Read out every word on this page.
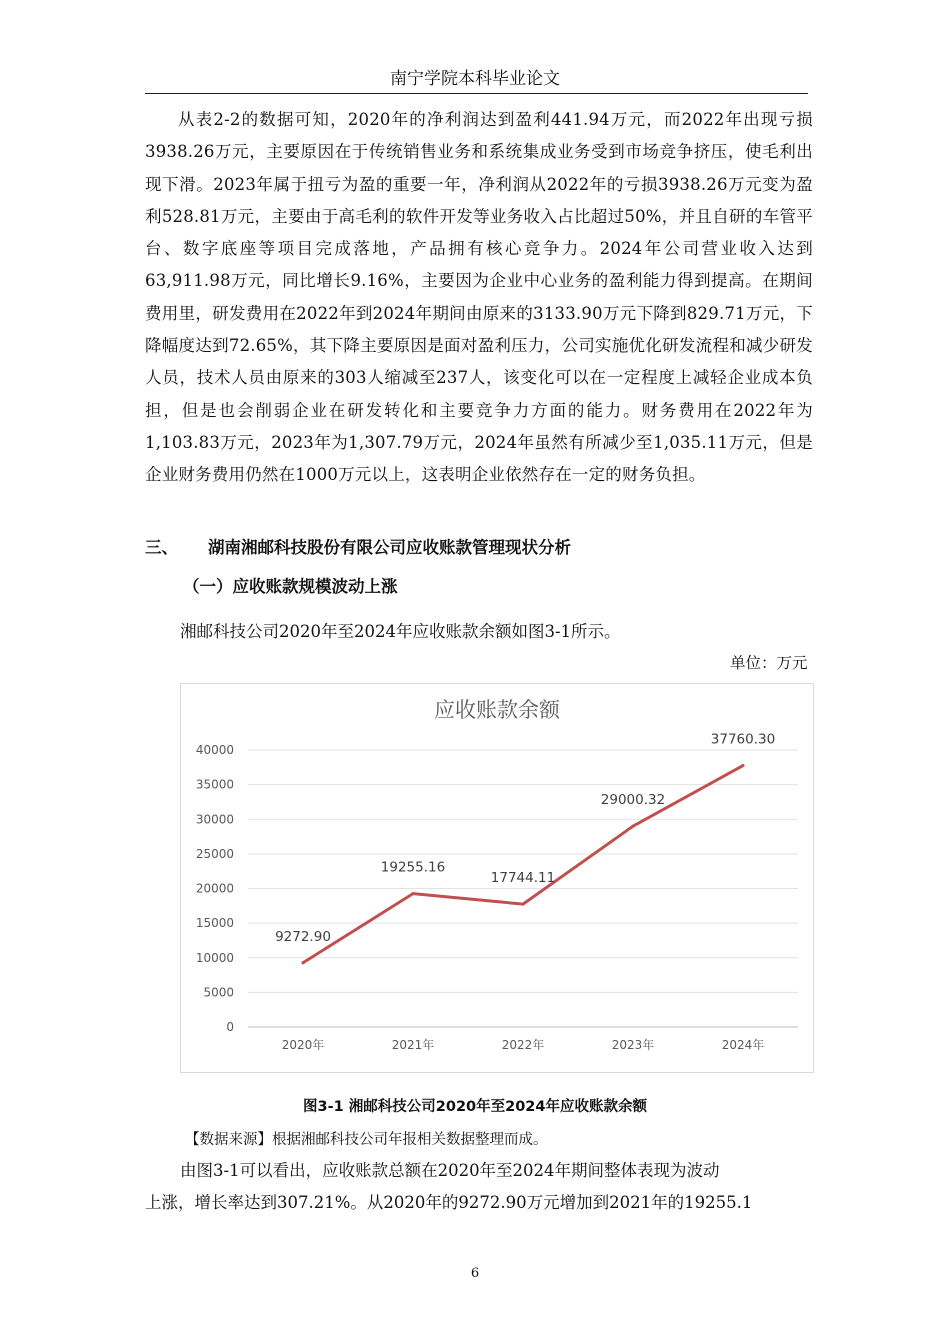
南宁学院本科毕业论文

从表2-2的数据可知，2020年的净利润达到盈利441.94万元，而2022年出现亏损3938.26万元，主要原因在于传统销售业务和系统集成业务受到市场竞争挤压，使毛利出现下滑。2023年属于扭亏为盈的重要一年，净利润从2022年的亏损3938.26万元变为盈利528.81万元，主要由于高毛利的软件开发等业务收入占比超过50%，并且自研的车管平台、数字底座等项目完成落地，产品拥有核心竞争力。2024年公司营业收入达到63,911.98万元，同比增长9.16%，主要因为企业中心业务的盈利能力得到提高。在期间费用里，研发费用在2022年到2024年期间由原来的3133.90万元下降到829.71万元，下降幅度达到72.65%，其下降主要原因是面对盈利压力，公司实施优化研发流程和减少研发人员，技术人员由原来的303人缩减至237人，该变化可以在一定程度上减轻企业成本负担，但是也会削弱企业在研发转化和主要竞争力方面的能力。财务费用在2022年为1,103.83万元，2023年为1,307.79万元，2024年虽然有所减少至1,035.11万元，但是企业财务费用仍然在1000万元以上，这表明企业依然存在一定的财务负担。

三、 湖南湘邮科技股份有限公司应收账款管理现状分析
（一）应收账款规模波动上涨
湘邮科技公司2020年至2024年应收账款余额如图3-1所示。
单位：万元
应收账款余额
0
5000
10000
15000
20000
25000
30000
35000
40000
2020年	2021年	2022年	2023年	2024年
9272.90
19255.16
17744.11
29000.32
37760.30
图3-1 湘邮科技公司2020年至2024年应收账款余额
【数据来源】根据湘邮科技公司年报相关数据整理而成。
由图3-1可以看出，应收账款总额在2020年至2024年期间整体表现为波动
上涨，增长率达到307.21%。从2020年的9272.90万元增加到2021年的19255.1
6
